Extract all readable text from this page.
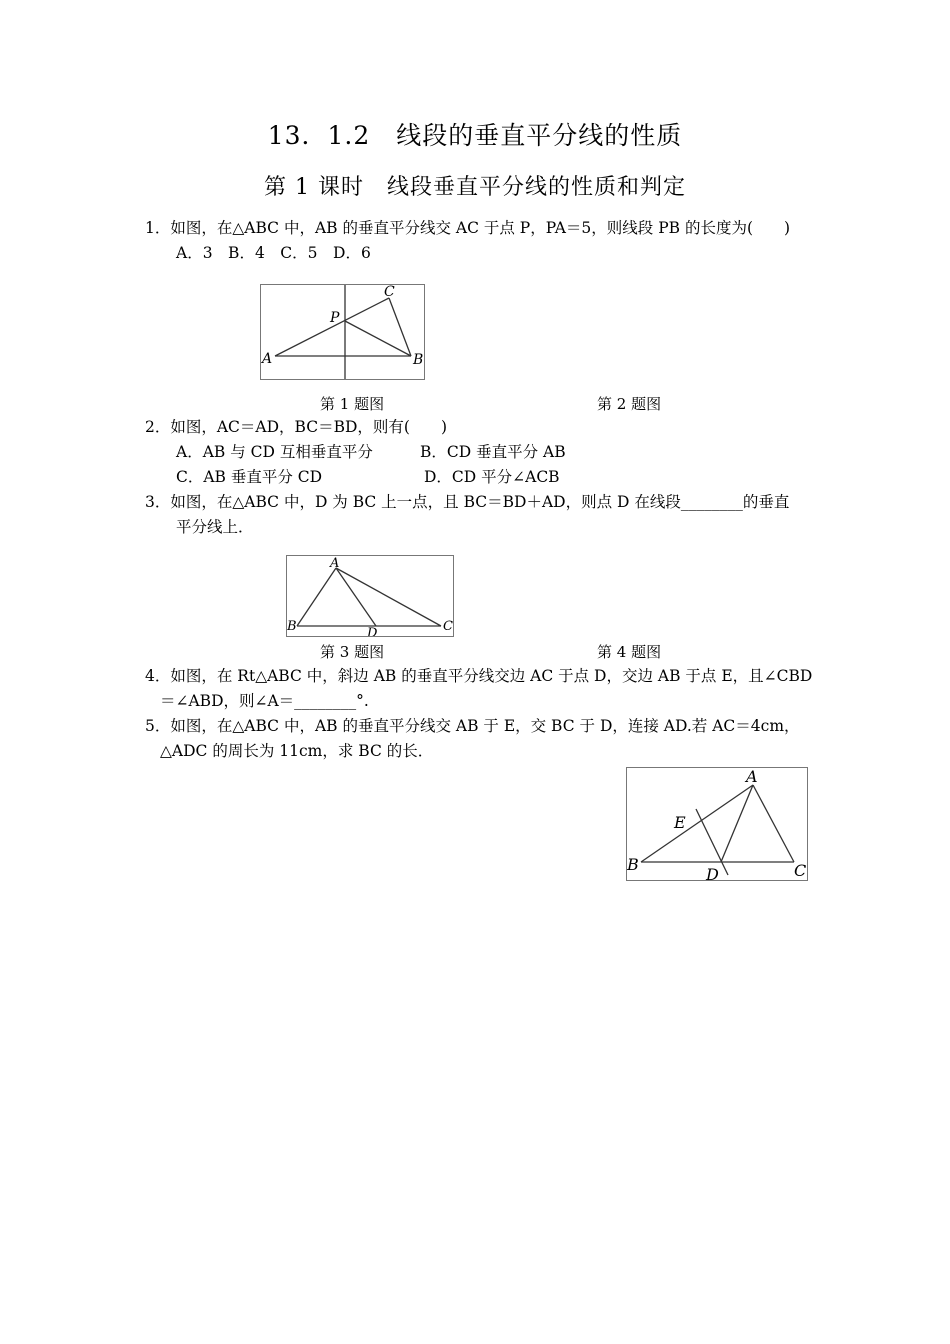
13．1.2　线段的垂直平分线的性质
第 1 课时　线段垂直平分线的性质和判定
1．如图，在△ABC 中，AB 的垂直平分线交 AC 于点 P，PA＝5，则线段 PB 的长度为(　　)
A．3　B．4　C．5　D．6
A	B
C
P
第 1 题图	第 2 题图
2．如图，AC＝AD，BC＝BD，则有(　　)
A．AB 与 CD 互相垂直平分	B．CD 垂直平分 AB
C．AB 垂直平分 CD	D．CD 平分∠ACB
3．如图，在△ABC 中，D 为 BC 上一点，且 BC＝BD＋AD，则点 D 在线段________的垂直
平分线上．
A
B	C
D
第 3 题图	第 4 题图
4．如图，在 Rt△ABC 中，斜边 AB 的垂直平分线交边 AC 于点 D，交边 AB 于点 E，且∠CBD
＝∠ABD，则∠A＝________°.
5．如图，在△ABC 中，AB 的垂直平分线交 AB 于 E，交 BC 于 D，连接 AD.若 AC＝4cm，
△ADC 的周长为 11cm，求 BC 的长．
A
B	C
D
E
